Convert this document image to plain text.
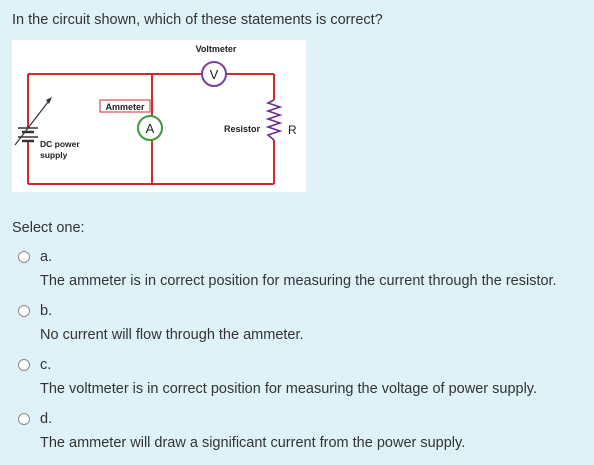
In the circuit shown, which of these statements is correct?
V
Voltmeter
Ammeter
A	Resistor R
DC power
supply
Select one:
a.
The ammeter is in correct position for measuring the current through the resistor.
b.
No current will flow through the ammeter.
c.
The voltmeter is in correct position for measuring the voltage of power supply.
d.
The ammeter will draw a significant current from the power supply.
